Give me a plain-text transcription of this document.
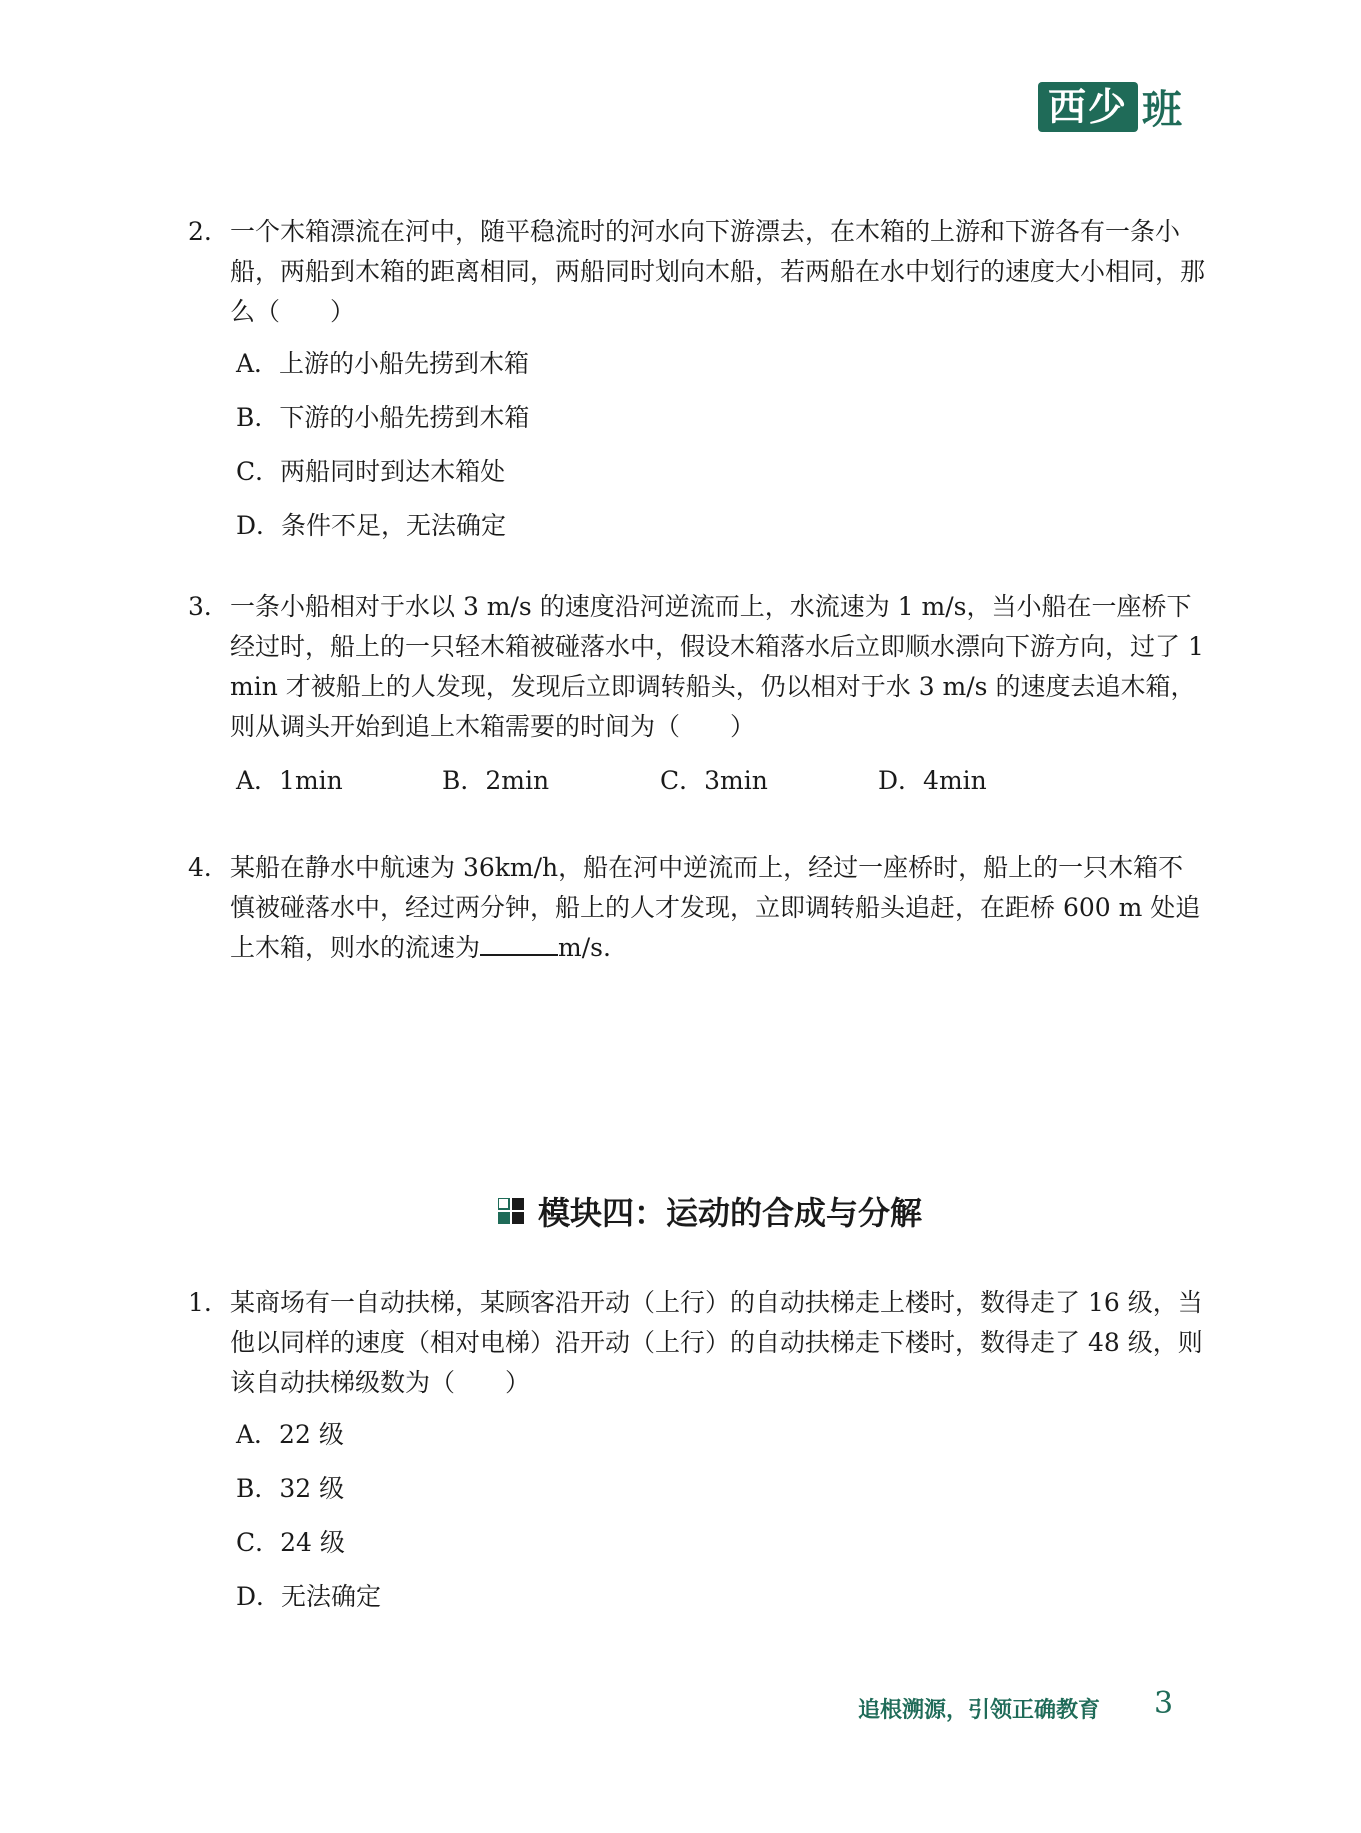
西少 班
2. 一个木箱漂流在河中，随平稳流时的河水向下游漂去，在木箱的上游和下游各有一条小船，两船到木箱的距离相同，两船同时划向木船，若两船在水中划行的速度大小相同，那么（　　）
A．上游的小船先捞到木箱
B．下游的小船先捞到木箱
C．两船同时到达木箱处
D．条件不足，无法确定
3． 一条小船相对于水以 3 m/s 的速度沿河逆流而上，水流速为 1 m/s，当小船在一座桥下经过时，船上的一只轻木箱被碰落水中，假设木箱落水后立即顺水漂向下游方向，过了 1 min 才被船上的人发现，发现后立即调转船头，仍以相对于水 3 m/s 的速度去追木箱，则从调头开始到追上木箱需要的时间为（　　）
A．1min	B．2min	C．3min	D．4min
4． 某船在静水中航速为 36km/h，船在河中逆流而上，经过一座桥时，船上的一只木箱不慎被碰落水中，经过两分钟，船上的人才发现，立即调转船头追赶，在距桥 600 m 处追上木箱，则水的流速为	m/s.
模块四：运动的合成与分解
1. 某商场有一自动扶梯，某顾客沿开动（上行）的自动扶梯走上楼时，数得走了 16 级，当他以同样的速度（相对电梯）沿开动（上行）的自动扶梯走下楼时，数得走了 48 级，则该自动扶梯级数为（　　）
A．22 级
B．32 级
C．24 级
D．无法确定
追根溯源，引领正确教育 3
